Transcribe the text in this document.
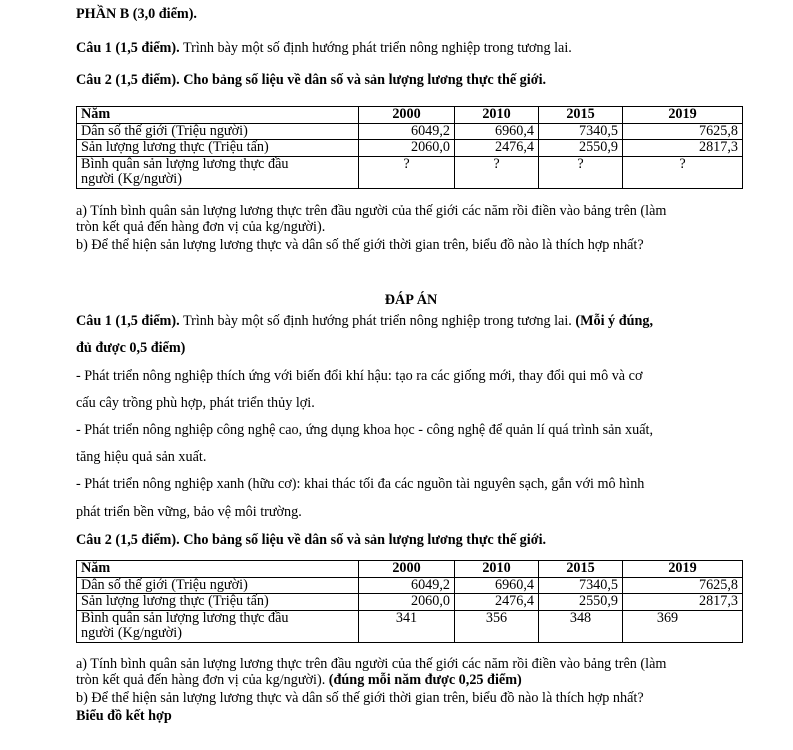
PHẦN B (3,0 điểm).
Câu 1 (1,5 điểm). Trình bày một số định hướng phát triển nông nghiệp trong tương lai.
Câu 2 (1,5 điểm). Cho bảng số liệu về dân số và sản lượng lương thực thế giới.
Năm	2000	2010	2015	2019
Dân số thế giới (Triệu người)	6049,2	6960,4	7340,5	7625,8
Sản lượng lương thực (Triệu tấn)	2060,0	2476,4	2550,9	2817,3
Bình quân sản lượng lương thực đầu
người (Kg/người)	?	?	?	?
a) Tính bình quân sản lượng lương thực trên đầu người của thế giới các năm rồi điền vào bảng trên (làm
tròn kết quả đến hàng đơn vị của kg/người).
b) Để thể hiện sản lượng lương thực và dân số thế giới thời gian trên, biểu đồ nào là thích hợp nhất?
ĐÁP ÁN
Câu 1 (1,5 điểm). Trình bày một số định hướng phát triển nông nghiệp trong tương lai. (Mỗi ý đúng,
đủ được 0,5 điểm)
- Phát triển nông nghiệp thích ứng với biến đổi khí hậu: tạo ra các giống mới, thay đổi qui mô và cơ
cấu cây trồng phù hợp, phát triển thủy lợi.
- Phát triển nông nghiệp công nghệ cao, ứng dụng khoa học - công nghệ để quản lí quá trình sản xuất,
tăng hiệu quả sản xuất.
- Phát triển nông nghiệp xanh (hữu cơ): khai thác tối đa các nguồn tài nguyên sạch, gắn với mô hình
phát triển bền vững, bảo vệ môi trường.
Câu 2 (1,5 điểm). Cho bảng số liệu về dân số và sản lượng lương thực thế giới.
Năm	2000	2010	2015	2019
Dân số thế giới (Triệu người)	6049,2	6960,4	7340,5	7625,8
Sản lượng lương thực (Triệu tấn)	2060,0	2476,4	2550,9	2817,3
Bình quân sản lượng lương thực đầu
người (Kg/người)	341	356	348	369
a) Tính bình quân sản lượng lương thực trên đầu người của thế giới các năm rồi điền vào bảng trên (làm
tròn kết quả đến hàng đơn vị của kg/người). (đúng mỗi năm được 0,25 điểm)
b) Để thể hiện sản lượng lương thực và dân số thế giới thời gian trên, biểu đồ nào là thích hợp nhất?
Biểu đồ kết hợp
